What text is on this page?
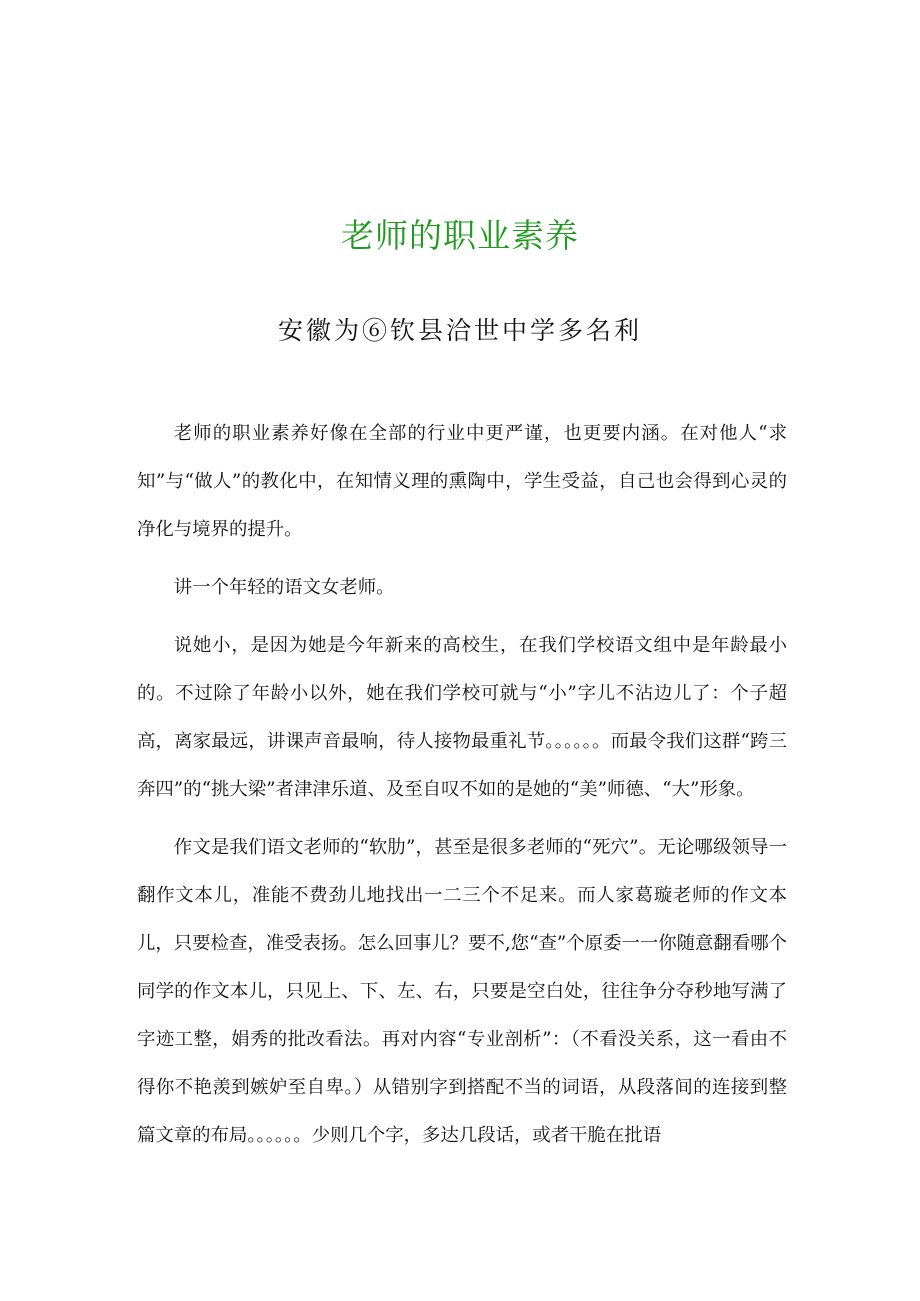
老师的职业素养
安徽为⑥钦县洽世中学多名利

老师的职业素养好像在全部的行业中更严谨，也更要内涵。在对他人“求知”与“做人”的教化中，在知情义理的熏陶中，学生受益，自己也会得到心灵的净化与境界的提升。

讲一个年轻的语文女老师。

说她小，是因为她是今年新来的高校生，在我们学校语文组中是年龄最小的。不过除了年龄小以外，她在我们学校可就与“小”字儿不沾边儿了：个子超高，离家最远，讲课声音最响，待人接物最重礼节。。。。。。而最令我们这群“跨三奔四”的“挑大梁”者津津乐道、及至自叹不如的是她的“美”师德、“大”形象。

作文是我们语文老师的“软肋”，甚至是很多老师的“死穴”。无论哪级领导一翻作文本儿，准能不费劲儿地找出一二三个不足来。而人家葛璇老师的作文本儿，只要检查，准受表扬。怎么回事儿？要不,您“查”个原委一一你随意翻看哪个同学的作文本儿，只见上、下、左、右，只要是空白处，往往争分夺秒地写满了字迹工整，娟秀的批改看法。再对内容“专业剖析”：（不看没关系，这一看由不得你不艳羡到嫉妒至自卑。）从错别字到搭配不当的词语，从段落间的连接到整篇文章的布局。。。。。。少则几个字，多达几段话，或者干脆在批语
